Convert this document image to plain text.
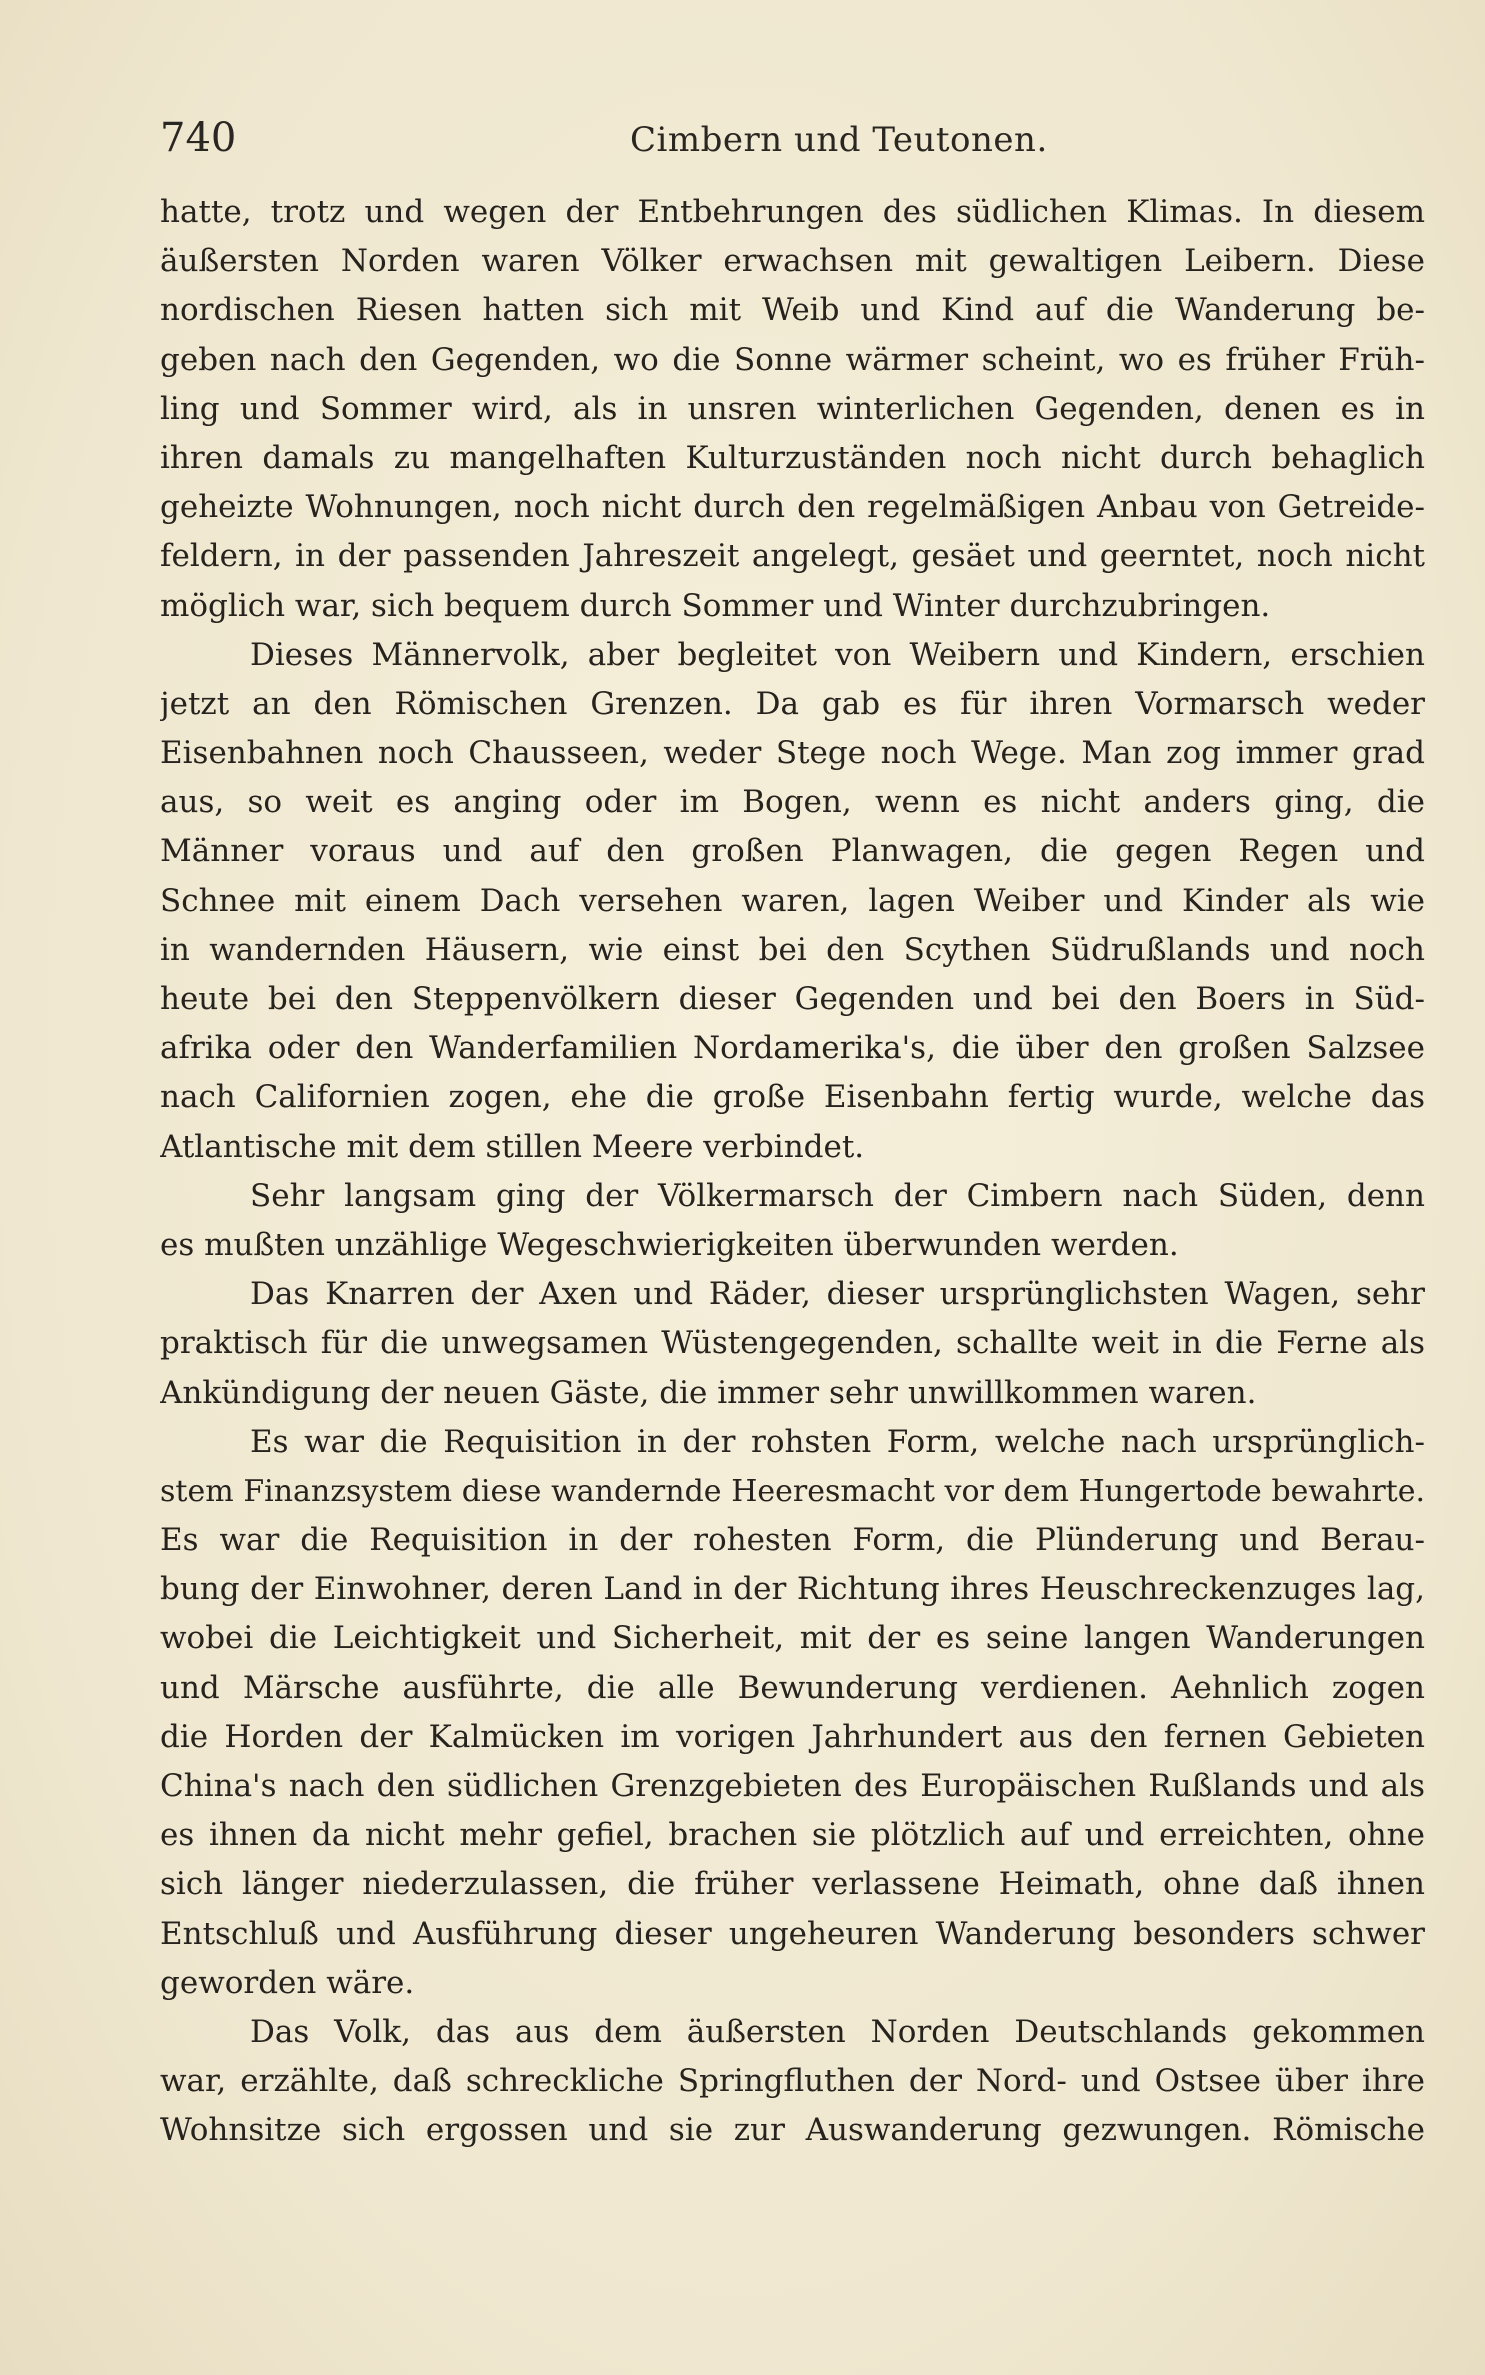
740	Cimbern und Teutonen.
hatte, trotz und wegen der Entbehrungen des südlichen Klimas. In diesem
äußersten Norden waren Völker erwachsen mit gewaltigen Leibern. Diese
nordischen Riesen hatten sich mit Weib und Kind auf die Wanderung be-
geben nach den Gegenden, wo die Sonne wärmer scheint, wo es früher Früh-
ling und Sommer wird, als in unsren winterlichen Gegenden, denen es in
ihren damals zu mangelhaften Kulturzuständen noch nicht durch behaglich
geheizte Wohnungen, noch nicht durch den regelmäßigen Anbau von Getreide-
feldern, in der passenden Jahreszeit angelegt, gesäet und geerntet, noch nicht
möglich war, sich bequem durch Sommer und Winter durchzubringen.
Dieses Männervolk, aber begleitet von Weibern und Kindern, erschien
jetzt an den Römischen Grenzen. Da gab es für ihren Vormarsch weder
Eisenbahnen noch Chausseen, weder Stege noch Wege. Man zog immer grad
aus, so weit es anging oder im Bogen, wenn es nicht anders ging, die
Männer voraus und auf den großen Planwagen, die gegen Regen und
Schnee mit einem Dach versehen waren, lagen Weiber und Kinder als wie
in wandernden Häusern, wie einst bei den Scythen Südrußlands und noch
heute bei den Steppenvölkern dieser Gegenden und bei den Boers in Süd-
afrika oder den Wanderfamilien Nordamerika's, die über den großen Salzsee
nach Californien zogen, ehe die große Eisenbahn fertig wurde, welche das
Atlantische mit dem stillen Meere verbindet.
Sehr langsam ging der Völkermarsch der Cimbern nach Süden, denn
es mußten unzählige Wegeschwierigkeiten überwunden werden.
Das Knarren der Axen und Räder, dieser ursprünglichsten Wagen, sehr
praktisch für die unwegsamen Wüstengegenden, schallte weit in die Ferne als
Ankündigung der neuen Gäste, die immer sehr unwillkommen waren.
Es war die Requisition in der rohsten Form, welche nach ursprünglich-
stem Finanzsystem diese wandernde Heeresmacht vor dem Hungertode bewahrte.
Es war die Requisition in der rohesten Form, die Plünderung und Berau-
bung der Einwohner, deren Land in der Richtung ihres Heuschreckenzuges lag,
wobei die Leichtigkeit und Sicherheit, mit der es seine langen Wanderungen
und Märsche ausführte, die alle Bewunderung verdienen. Aehnlich zogen
die Horden der Kalmücken im vorigen Jahrhundert aus den fernen Gebieten
China's nach den südlichen Grenzgebieten des Europäischen Rußlands und als
es ihnen da nicht mehr gefiel, brachen sie plötzlich auf und erreichten, ohne
sich länger niederzulassen, die früher verlassene Heimath, ohne daß ihnen
Entschluß und Ausführung dieser ungeheuren Wanderung besonders schwer
geworden wäre.
Das Volk, das aus dem äußersten Norden Deutschlands gekommen
war, erzählte, daß schreckliche Springfluthen der Nord- und Ostsee über ihre
Wohnsitze sich ergossen und sie zur Auswanderung gezwungen. Römische
